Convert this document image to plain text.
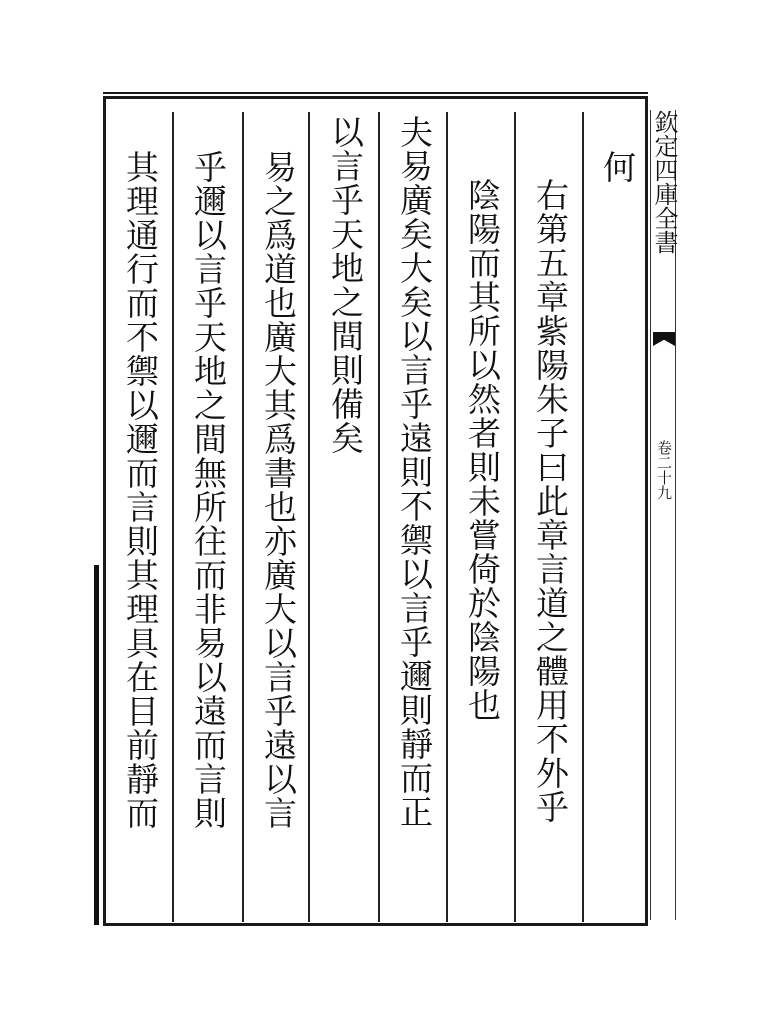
何
右第五章紫陽朱子曰此章言道之體用不外乎
陰陽而其所以然者則未嘗倚於陰陽也
夫易廣矣大矣以言乎遠則不禦以言乎邇則靜而正
以言乎天地之間則備矣
易之爲道也廣大其爲書也亦廣大以言乎遠以言
乎邇以言乎天地之間無所往而非易以遠而言則
其理通行而不禦以邇而言則其理具在目前靜而	欽定四庫全書
卷二十九
